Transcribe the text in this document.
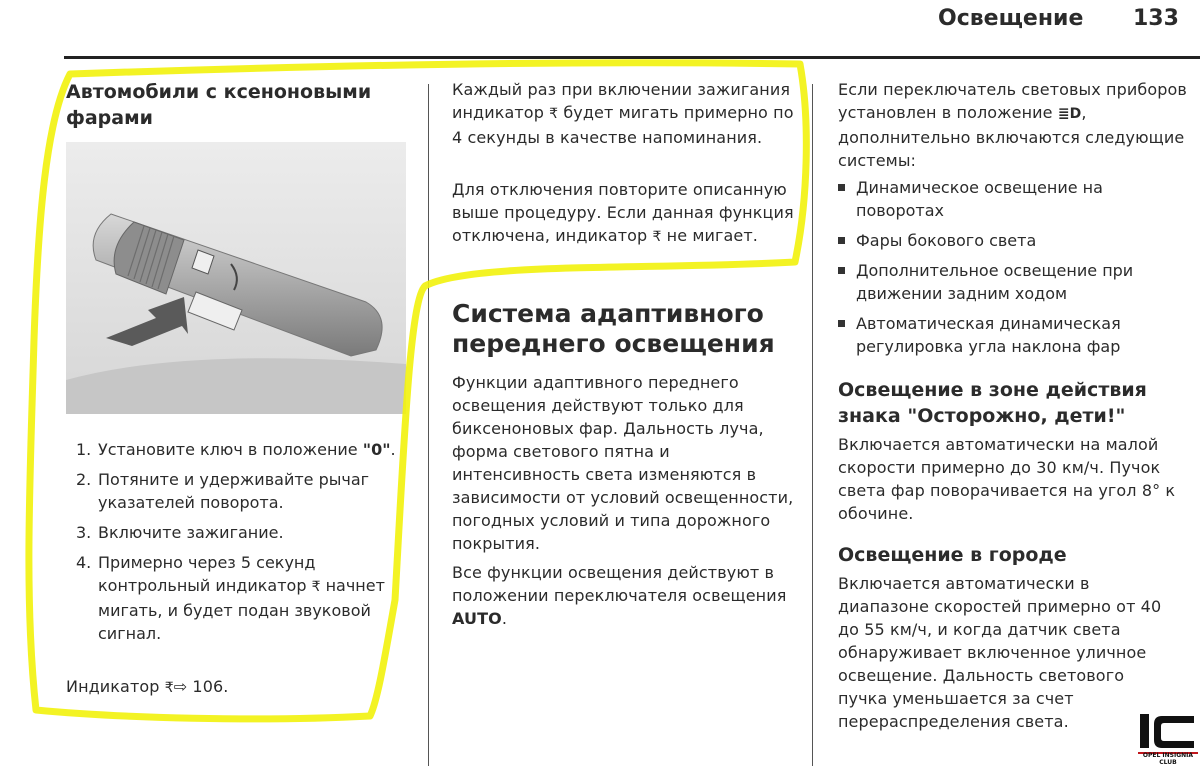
Освещение 133
Автомобили с ксеноновыми фарами
1. Установите ключ в положение "0".
2. Потяните и удерживайте рычаг указателей поворота.
3. Включите зажигание.
4. Примерно через 5 секунд контрольный индикатор ₹ начнет мигать, и будет подан звуковой сигнал.

Индикатор ₹⇨ 106.

Каждый раз при включении зажигания индикатор ₹ будет мигать примерно по 4 секунды в качестве напоминания.

Для отключения повторите описанную выше процедуру. Если данная функция отключена, индикатор ₹ не мигает.

Система адаптивного переднего освещения

Функции адаптивного переднего освещения действуют только для биксеноновых фар. Дальность луча, форма светового пятна и интенсивность света изменяются в зависимости от условий освещенности, погодных условий и типа дорожного покрытия.

Все функции освещения действуют в положении переключателя освещения AUTO.

Если переключатель световых приборов установлен в положение ≣D, дополнительно включаются следующие системы:

Динамическое освещение на поворотах
Фары бокового света
Дополнительное освещение при движении задним ходом
Автоматическая динамическая регулировка угла наклона фар
Освещение в зоне действия знака "Осторожно, дети!"

Включается автоматически на малой скорости примерно до 30 км/ч. Пучок света фар поворачивается на угол 8° к обочине.

Освещение в городе

Включается автоматически в диапазоне скоростей примерно от 40 до 55 км/ч, и когда датчик света обнаруживает включенное уличное освещение. Дальность светового пучка уменьшается за счет перераспределения света.

OPEL INSIGNIA CLUB
